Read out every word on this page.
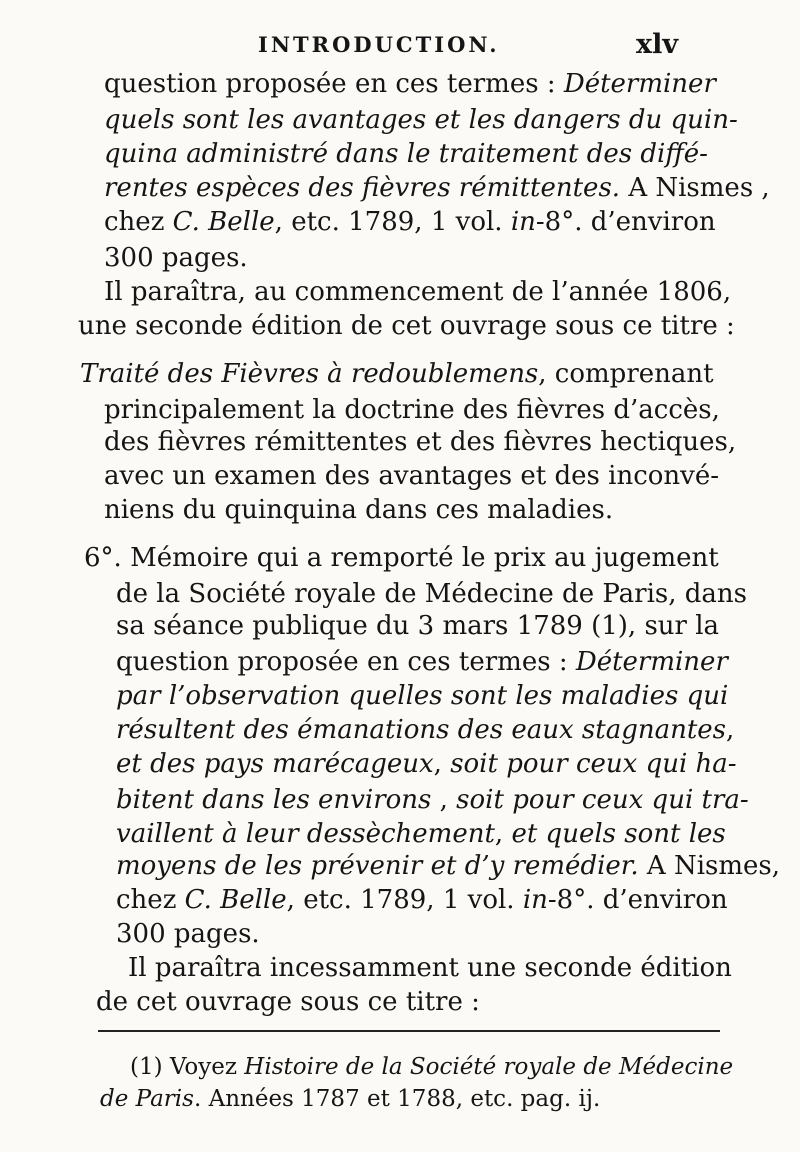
INTRODUCTION.	xlv
question proposée en ces termes : Déterminer
quels sont les avantages et les dangers du quin-
quina administré dans le traitement des diffé-
rentes espèces des fièvres rémittentes. A Nismes ,
chez C. Belle, etc. 1789, 1 vol. in-8°. d’environ
300 pages.
Il paraîtra, au commencement de l’année 1806,
une seconde édition de cet ouvrage sous ce titre :
Traité des Fièvres à redoublemens, comprenant
principalement la doctrine des fièvres d’accès,
des fièvres rémittentes et des fièvres hectiques,
avec un examen des avantages et des inconvé-
niens du quinquina dans ces maladies.
6°. Mémoire qui a remporté le prix au jugement
de la Société royale de Médecine de Paris, dans
sa séance publique du 3 mars 1789 (1), sur la
question proposée en ces termes : Déterminer
par l’observation quelles sont les maladies qui
résultent des émanations des eaux stagnantes,
et des pays marécageux, soit pour ceux qui ha-
bitent dans les environs , soit pour ceux qui tra-
vaillent à leur dessèchement, et quels sont les
moyens de les prévenir et d’y remédier. A Nismes,
chez C. Belle, etc. 1789, 1 vol. in-8°. d’environ
300 pages.
Il paraîtra incessamment une seconde édition
de cet ouvrage sous ce titre :
(1) Voyez Histoire de la Société royale de Médecine
de Paris. Années 1787 et 1788, etc. pag. ij.
